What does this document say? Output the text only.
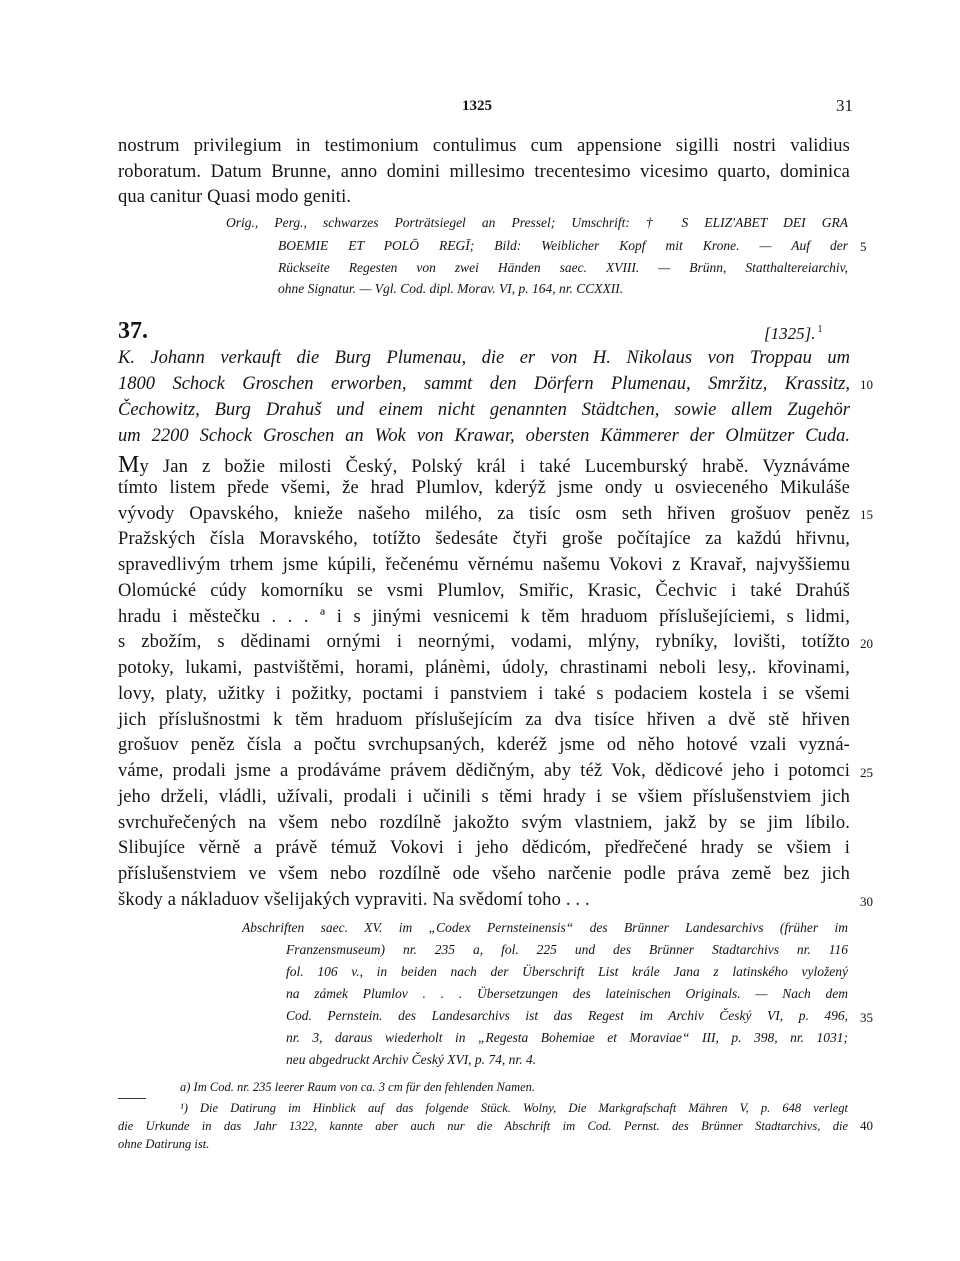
1325	31
nostrum privilegium in testimonium contulimus cum appensione sigilli nostri validius
roboratum. Datum Brunne, anno domini millesimo trecentesimo vicesimo quarto, dominica
qua canitur Quasi modo geniti.
Orig., Perg., schwarzes Porträtsiegel an Pressel; Umschrift: † S ELIZ'ABET DEI GRA
BOEMIE ET POLŌ REGĪ; Bild: Weiblicher Kopf mit Krone. — Auf der
Rückseite Regesten von zwei Händen saec. XVIII. — Brünn, Statthaltereiarchiv,
ohne Signatur. — Vgl. Cod. dipl. Morav. VI, p. 164, nr. CCXXII.
37.	[1325]. $^1$
K. Johann verkauft die Burg Plumenau, die er von H. Nikolaus von Troppau um
1800 Schock Groschen erworben, sammt den Dörfern Plumenau, Smržitz, Krassitz,
Čechowitz, Burg Drahuš und einem nicht genannten Städtchen, sowie allem Zugehör
um 2200 Schock Groschen an Wok von Krawar, obersten Kämmerer der Olmützer Cuda.
My Jan z božie milosti Český, Polský král i také Lucemburský hrabě. Vyznáváme
tímto listem přede všemi, že hrad Plumlov, kderýž jsme ondy u osvieceného Mikuláše
vývody Opavského, knieže našeho milého, za tisíc osm seth hřiven grošuov peněz
Pražských čísla Moravského, totížto šedesáte čtyři groše počítajíce za každú hřivnu,
spravedlivým trhem jsme kúpili, řečenému věrnému našemu Vokovi z Kravař, najvyššiemu
Olomúcké cúdy komorníku se vsmi Plumlov, Smiřic, Krasic, Čechvic i také Drahúš
hradu i městečku . . . ª i s jinými vesnicemi k těm hraduom příslušejíciemi, s lidmi,
s zbožím, s dědinami ornými i neornými, vodami, mlýny, rybníky, lovišti, totížto
potoky, lukami, pastvištěmi, horami, plánèmi, údoly, chrastinami neboli lesy,. křovinami,
lovy, platy, užitky i požitky, poctami i panstviem i také s podaciem kostela i se všemi
jich příslušnostmi k těm hraduom příslušejícím za dva tisíce hřiven a dvě stě hřiven
grošuov peněz čísla a počtu svrchupsaných, kderéž jsme od něho hotové vzali vyzná-
váme, prodali jsme a prodáváme právem dědičným, aby též Vok, dědicové jeho i potomci
jeho drželi, vládli, užívali, prodali i učinili s těmi hrady i se všiem příslušenstviem jich
svrchuřečených na všem nebo rozdílně jakožto svým vlastniem, jakž by se jim líbilo.
Slibujíce věrně a právě témuž Vokovi i jeho dědicóm, předřečené hrady se všiem i
příslušenstviem ve všem nebo rozdílně ode všeho narčenie podle práva země bez jich
škody a nákladuov všelijakých vypraviti. Na svědomí toho . . .
Abschriften saec. XV. im „Codex Pernsteinensis“ des Brünner Landesarchivs (früher im
Franzensmuseum) nr. 235 a, fol. 225 und des Brünner Stadtarchivs nr. 116
fol. 106 v., in beiden nach der Überschrift List krále Jana z latinského vyložený
na zámek Plumlov . . . Übersetzungen des lateinischen Originals. — Nach dem
Cod. Pernstein. des Landesarchivs ist das Regest im Archiv Český VI, p. 496,
nr. 3, daraus wiederholt in „Regesta Bohemiae et Moraviae“ III, p. 398, nr. 1031;
neu abgedruckt Archiv Český XVI, p. 74, nr. 4.
a) Im Cod. nr. 235 leerer Raum von ca. 3 cm für den fehlenden Namen.
¹) Die Datirung im Hinblick auf das folgende Stück. Wolny, Die Markgrafschaft Mähren V, p. 648 verlegt
die Urkunde in das Jahr 1322, kannte aber auch nur die Abschrift im Cod. Pernst. des Brünner Stadtarchivs, die
ohne Datirung ist.
5
10
15
20
25
30
35
40
